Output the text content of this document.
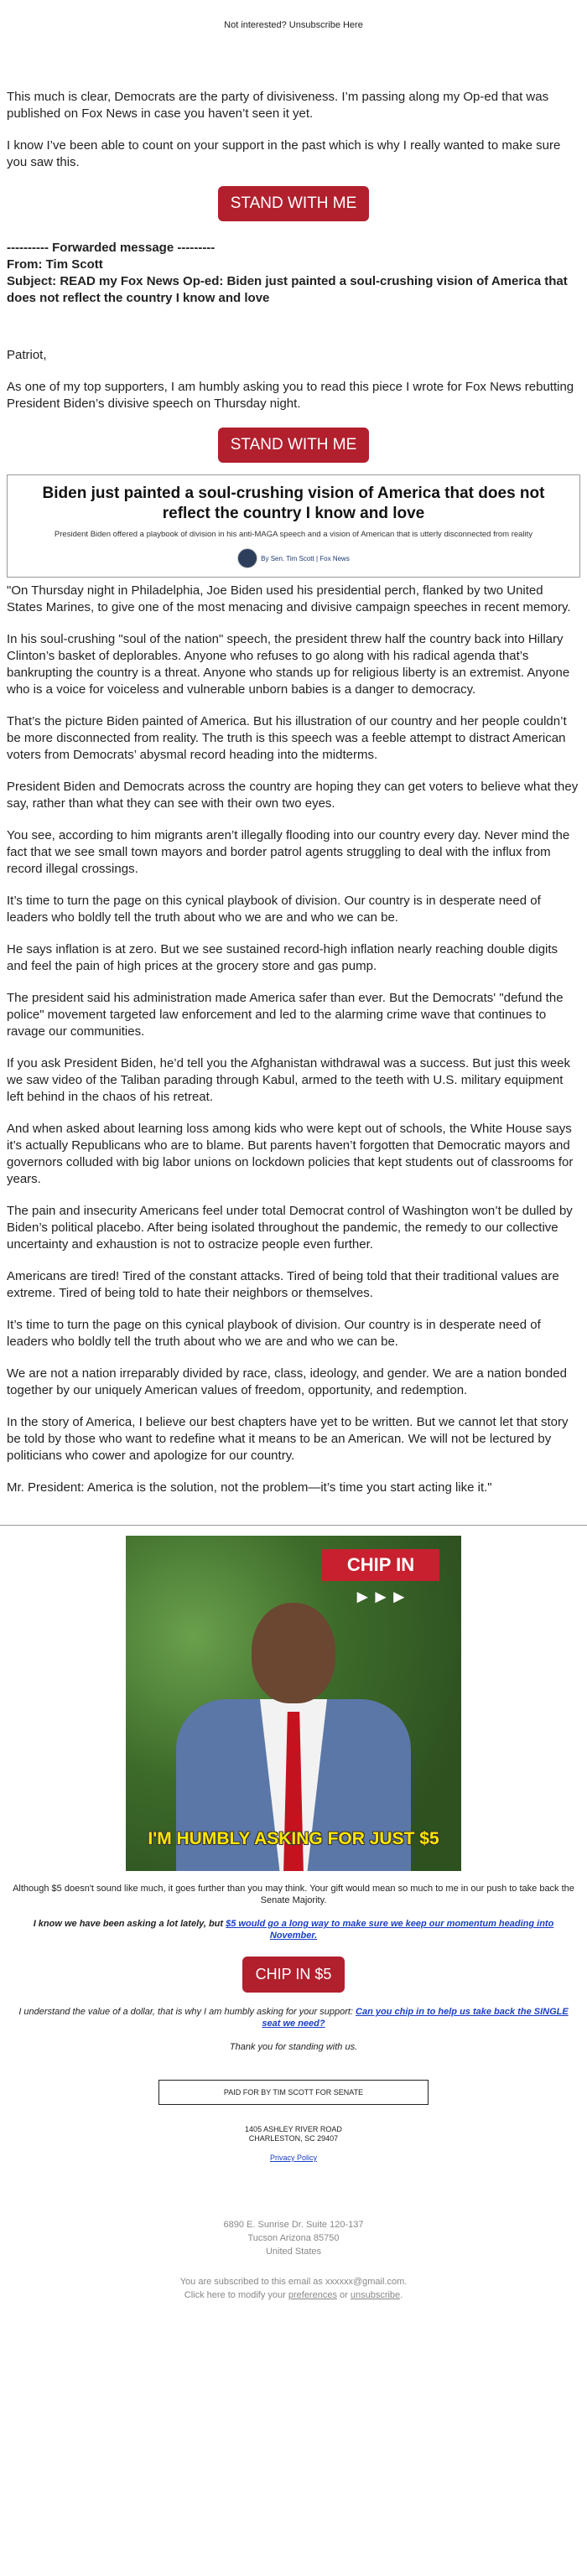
Not interested? Unsubscribe Here

This much is clear, Democrats are the party of divisiveness. I’m passing along my Op-ed that was published on Fox News in case you haven’t seen it yet.

I know I’ve been able to count on your support in the past which is why I really wanted to make sure you saw this.

STAND WITH ME
---------- Forwarded message ---------
From: Tim Scott
Subject: READ my Fox News Op-ed: Biden just painted a soul-crushing vision of America that does not reflect the country I know and love

Patriot,

As one of my top supporters, I am humbly asking you to read this piece I wrote for Fox News rebutting President Biden’s divisive speech on Thursday night.

STAND WITH ME
Biden just painted a soul-crushing vision of America that does not reflect the country I know and love
President Biden offered a playbook of division in his anti-MAGA speech and a vision of American that is utterly disconnected from reality
By Sen. Tim Scott | Fox News

"On Thursday night in Philadelphia, Joe Biden used his presidential perch, flanked by two United States Marines, to give one of the most menacing and divisive campaign speeches in recent memory.

In his soul-crushing "soul of the nation" speech, the president threw half the country back into Hillary Clinton’s basket of deplorables. Anyone who refuses to go along with his radical agenda that’s bankrupting the country is a threat. Anyone who stands up for religious liberty is an extremist. Anyone who is a voice for voiceless and vulnerable unborn babies is a danger to democracy.

That’s the picture Biden painted of America. But his illustration of our country and her people couldn’t be more disconnected from reality. The truth is this speech was a feeble attempt to distract American voters from Democrats’ abysmal record heading into the midterms.

President Biden and Democrats across the country are hoping they can get voters to believe what they say, rather than what they can see with their own two eyes.

You see, according to him migrants aren’t illegally flooding into our country every day. Never mind the fact that we see small town mayors and border patrol agents struggling to deal with the influx from record illegal crossings.

It’s time to turn the page on this cynical playbook of division. Our country is in desperate need of leaders who boldly tell the truth about who we are and who we can be.

He says inflation is at zero. But we see sustained record-high inflation nearly reaching double digits and feel the pain of high prices at the grocery store and gas pump.

The president said his administration made America safer than ever. But the Democrats' "defund the police" movement targeted law enforcement and led to the alarming crime wave that continues to ravage our communities.

If you ask President Biden, he’d tell you the Afghanistan withdrawal was a success. But just this week we saw video of the Taliban parading through Kabul, armed to the teeth with U.S. military equipment left behind in the chaos of his retreat.

And when asked about learning loss among kids who were kept out of schools, the White House says it’s actually Republicans who are to blame. But parents haven’t forgotten that Democratic mayors and governors colluded with big labor unions on lockdown policies that kept students out of classrooms for years.

The pain and insecurity Americans feel under total Democrat control of Washington won’t be dulled by Biden’s political placebo. After being isolated throughout the pandemic, the remedy to our collective uncertainty and exhaustion is not to ostracize people even further.

Americans are tired! Tired of the constant attacks. Tired of being told that their traditional values are extreme. Tired of being told to hate their neighbors or themselves.

It’s time to turn the page on this cynical playbook of division. Our country is in desperate need of leaders who boldly tell the truth about who we are and who we can be.

We are not a nation irreparably divided by race, class, ideology, and gender. We are a nation bonded together by our uniquely American values of freedom, opportunity, and redemption.

In the story of America, I believe our best chapters have yet to be written. But we cannot let that story be told by those who want to redefine what it means to be an American. We will not be lectured by politicians who cower and apologize for our country.

Mr. President: America is the solution, not the problem—it’s time you start acting like it."

CHIP IN ►►►
I'M HUMBLY ASKING FOR JUST $5
Although $5 doesn't sound like much, it goes further than you may think. Your gift would mean so much to me in our push to take back the Senate Majority.
I know we have been asking a lot lately, but $5 would go a long way to make sure we keep our momentum heading into November.
CHIP IN $5
I understand the value of a dollar, that is why I am humbly asking for your support: Can you chip in to help us take back the SINGLE seat we need?
Thank you for standing with us.
PAID FOR BY TIM SCOTT FOR SENATE
1405 ASHLEY RIVER ROAD
CHARLESTON, SC 29407
Privacy Policy
6890 E. Sunrise Dr. Suite 120-137
Tucson Arizona 85750
United States
You are subscribed to this email as xxxxxx@gmail.com.
Click here to modify your preferences or unsubscribe.
